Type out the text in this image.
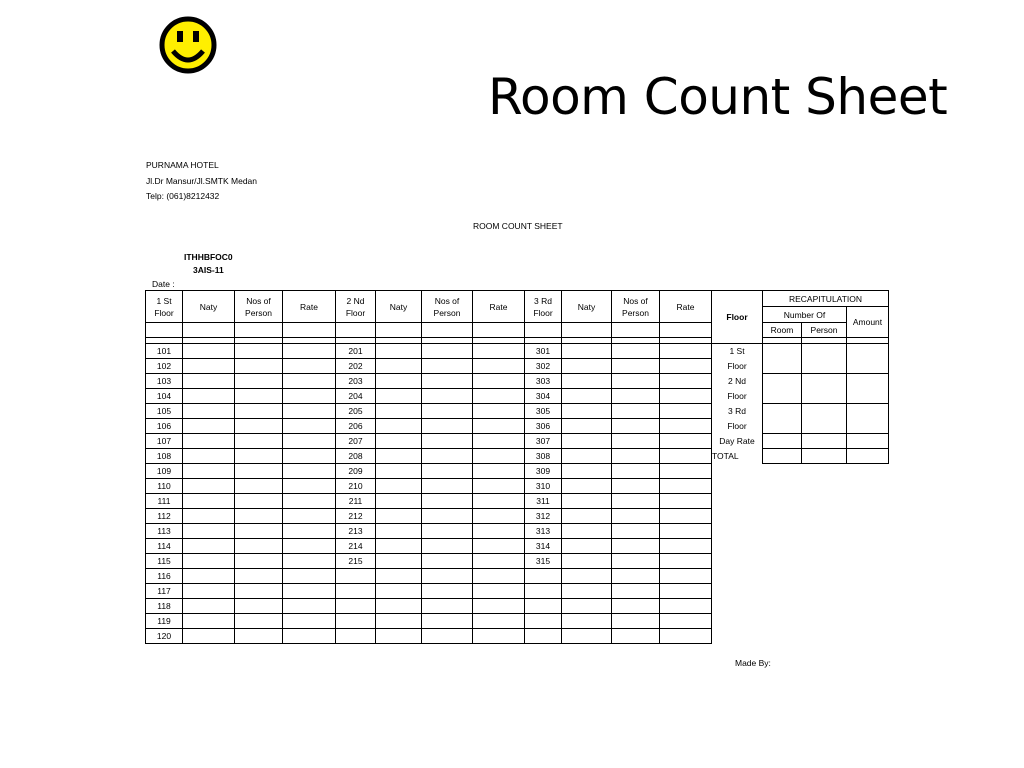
Room Count Sheet
PURNAMA HOTEL
Jl.Dr Mansur/Jl.SMTK Medan
Telp: (061)8212432
ROOM COUNT SHEET
ITHHBFOC0
3AIS-11
Date :
1 St	Naty	Nos of	Rate	2 Nd	Naty	Nos of	Rate	3 Rd	Naty	Nos of	Rate
Floor		Person		Floor		Person		Floor		Person	

101				201				301			
102				202				302			
103				203				303			
104				204				304			
105				205				305			
106				206				306			
107				207				307			
108				208				308			
109				209				309			
110				210				310			
111				211				311			
112				212				312			
113				213				313			
114				214				314			
115				215				315			
116											
117											
118											
119											
120											
Floor	RECAPITULATION		
	Number Of		Amount
	Room	Person	

1 St			
Floor			
2 Nd			
Floor			
3 Rd			
Floor			
Day Rate			
TOTAL			
Made By:
